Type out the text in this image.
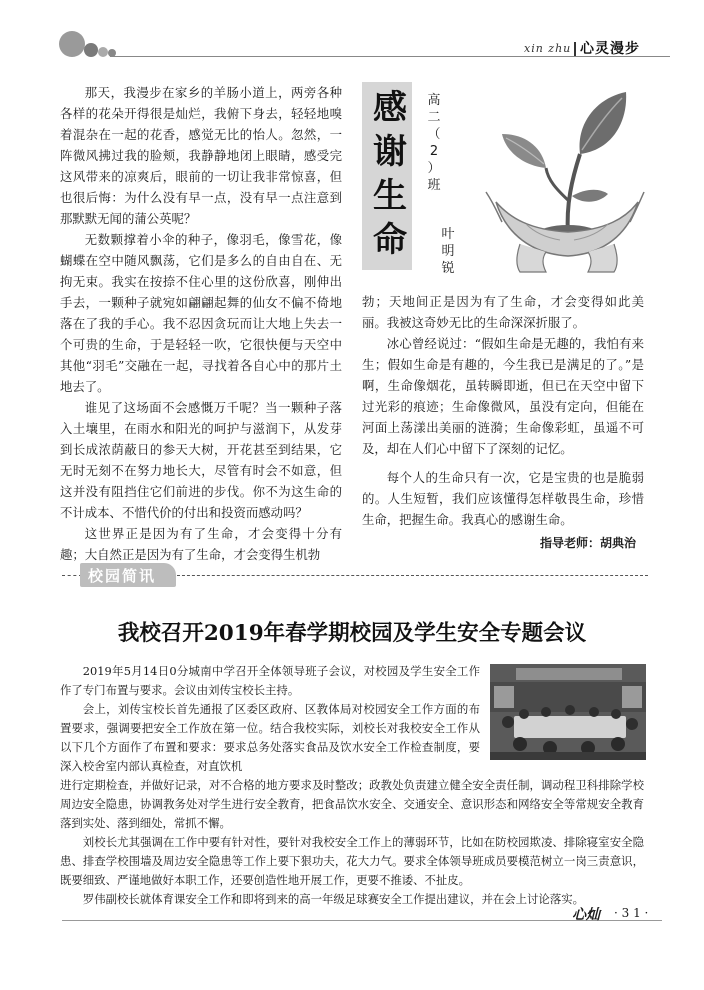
xin zhu 心灵漫步

那天，我漫步在家乡的羊肠小道上，两旁各种各样的花朵开得很是灿烂，我俯下身去，轻轻地嗅着混杂在一起的花香，感觉无比的怡人。忽然，一阵微风拂过我的脸颊，我静静地闭上眼睛，感受完这风带来的凉爽后，眼前的一切让我非常惊喜，但也很后悔：为什么没有早一点，没有早一点注意到那默默无闻的蒲公英呢？

无数颗撑着小伞的种子，像羽毛，像雪花，像蝴蝶在空中随风飘荡，它们是多么的自由自在、无拘无束。我实在按捺不住心里的这份欣喜，刚伸出手去，一颗种子就宛如翩翩起舞的仙女不偏不倚地落在了我的手心。我不忍因贪玩而让大地上失去一个可贵的生命，于是轻轻一吹，它很快便与天空中其他“羽毛”交融在一起，寻找着各自心中的那片土地去了。

谁见了这场面不会感慨万千呢？当一颗种子落入土壤里，在雨水和阳光的呵护与滋润下，从发芽到长成浓荫蔽日的参天大树，开花甚至到结果，它无时无刻不在努力地长大，尽管有时会不如意，但这并没有阻挡住它们前进的步伐。你不为这生命的不计成本、不惜代价的付出和投资而感动吗？

这世界正是因为有了生命，才会变得十分有趣；大自然正是因为有了生命，才会变得生机勃

感
谢
生
命
高
二
（
2
）
班
叶
明
锐

勃；天地间正是因为有了生命，才会变得如此美丽。我被这奇妙无比的生命深深折服了。

冰心曾经说过：“假如生命是无趣的，我怕有来生；假如生命是有趣的，今生我已是满足的了。”是啊，生命像烟花，虽转瞬即逝，但已在天空中留下过光彩的痕迹；生命像微风，虽没有定向，但能在河面上荡漾出美丽的涟漪；生命像彩虹，虽遥不可及，却在人们心中留下了深刻的记忆。

每个人的生命只有一次，它是宝贵的也是脆弱的。人生短暂，我们应该懂得怎样敬畏生命，珍惜生命，把握生命。我真心的感谢生命。

指导老师：胡典治
校园简讯
我校召开2019年春学期校园及学生安全专题会议

2019年5月14日0分城南中学召开全体领导班子会议，对校园及学生安全工作作了专门布置与要求。会议由刘传宝校长主持。

会上，刘传宝校长首先通报了区委区政府、区教体局对校园安全工作方面的布置要求，强调要把安全工作放在第一位。结合我校实际，刘校长对我校安全工作从以下几个方面作了布置和要求：要求总务处落实食品及饮水安全工作检查制度，要深入校舍室内部认真检查，对直饮机
进行定期检查，并做好记录，对不合格的地方要求及时整改；政教处负责建立健全安全责任制，调动程卫科排除学校周边安全隐患，协调教务处对学生进行安全教育，把食品饮水安全、交通安全、意识形态和网络安全等常规安全教育落到实处、落到细处，常抓不懈。

刘校长尤其强调在工作中要有针对性，要针对我校安全工作上的薄弱环节，比如在防校园欺凌、排除寝室安全隐患、排查学校围墙及周边安全隐患等工作上要下狠功夫，花大力气。要求全体领导班成员要模范树立一岗三责意识，既要细致、严谨地做好本职工作，还要创造性地开展工作，更要不推诿、不扯皮。

罗伟副校长就体育课安全工作和即将到来的高一年级足球赛安全工作提出建议，并在会上讨论落实。

心灿 · 3 1 ·
